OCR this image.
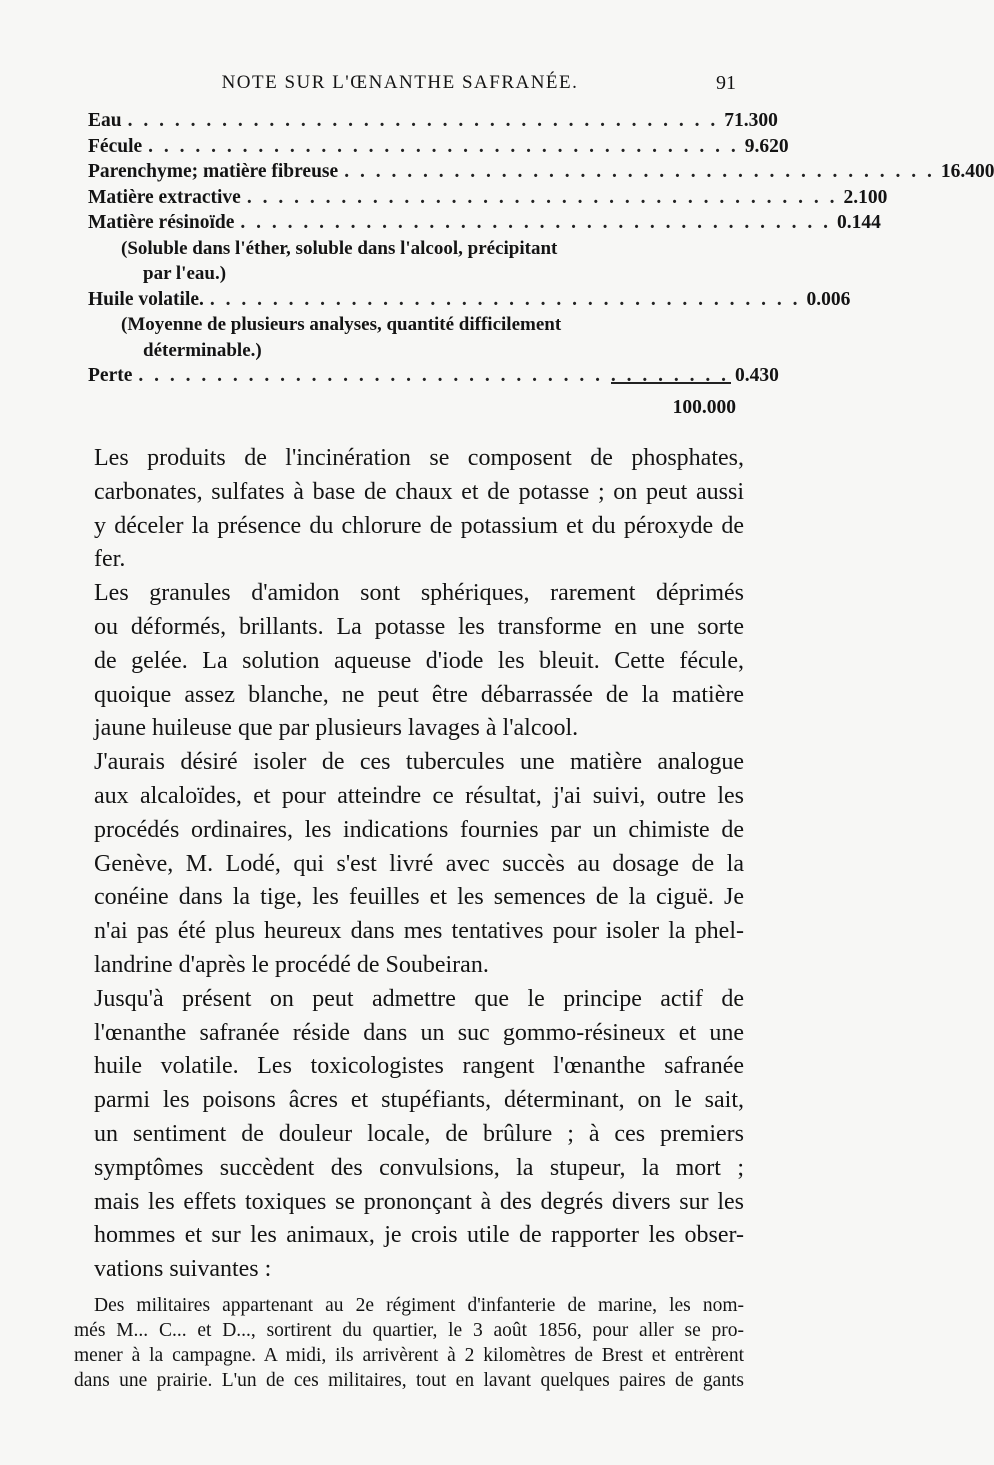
NOTE SUR L'ŒNANTHE SAFRANÉE.	91
Eau . . . . . . . . . . . . . . . . . . . . . . . . . . . . . . . . . . . . . . 71.300
Fécule . . . . . . . . . . . . . . . . . . . . . . . . . . . . . . . . . . . . . . 9.620
Parenchyme; matière fibreuse . . . . . . . . . . . . . . . . . . . . . . . . . . . . . . . . . . . . . . 16.400
Matière extractive . . . . . . . . . . . . . . . . . . . . . . . . . . . . . . . . . . . . . . 2.100
Matière résinoïde . . . . . . . . . . . . . . . . . . . . . . . . . . . . . . . . . . . . . . 0.144
(Soluble dans l'éther, soluble dans l'alcool, précipitant
par l'eau.)
Huile volatile. . . . . . . . . . . . . . . . . . . . . . . . . . . . . . . . . . . . . . . 0.006
(Moyenne de plusieurs analyses, quantité difficilement
déterminable.)
Perte . . . . . . . . . . . . . . . . . . . . . . . . . . . . . . . . . . . . . . 0.430
100.000

Les produits de l'incinération se composent de phosphates,
carbonates, sulfates à base de chaux et de potasse ; on peut aussi
y déceler la présence du chlorure de potassium et du péroxyde de
fer.

Les granules d'amidon sont sphériques, rarement déprimés
ou déformés, brillants. La potasse les transforme en une sorte
de gelée. La solution aqueuse d'iode les bleuit. Cette fécule,
quoique assez blanche, ne peut être débarrassée de la matière
jaune huileuse que par plusieurs lavages à l'alcool.

J'aurais désiré isoler de ces tubercules une matière analogue
aux alcaloïdes, et pour atteindre ce résultat, j'ai suivi, outre les
procédés ordinaires, les indications fournies par un chimiste de
Genève, M. Lodé, qui s'est livré avec succès au dosage de la
conéine dans la tige, les feuilles et les semences de la ciguë. Je
n'ai pas été plus heureux dans mes tentatives pour isoler la phel-
landrine d'après le procédé de Soubeiran.

Jusqu'à présent on peut admettre que le principe actif de
l'œnanthe safranée réside dans un suc gommo-résineux et une
huile volatile. Les toxicologistes rangent l'œnanthe safranée
parmi les poisons âcres et stupéfiants, déterminant, on le sait,
un sentiment de douleur locale, de brûlure ; à ces premiers
symptômes succèdent des convulsions, la stupeur, la mort ;
mais les effets toxiques se prononçant à des degrés divers sur les
hommes et sur les animaux, je crois utile de rapporter les obser-
vations suivantes :

Des militaires appartenant au 2e régiment d'infanterie de marine, les nom-
més M... C... et D..., sortirent du quartier, le 3 août 1856, pour aller se pro-
mener à la campagne. A midi, ils arrivèrent à 2 kilomètres de Brest et entrèrent
dans une prairie. L'un de ces militaires, tout en lavant quelques paires de gants
